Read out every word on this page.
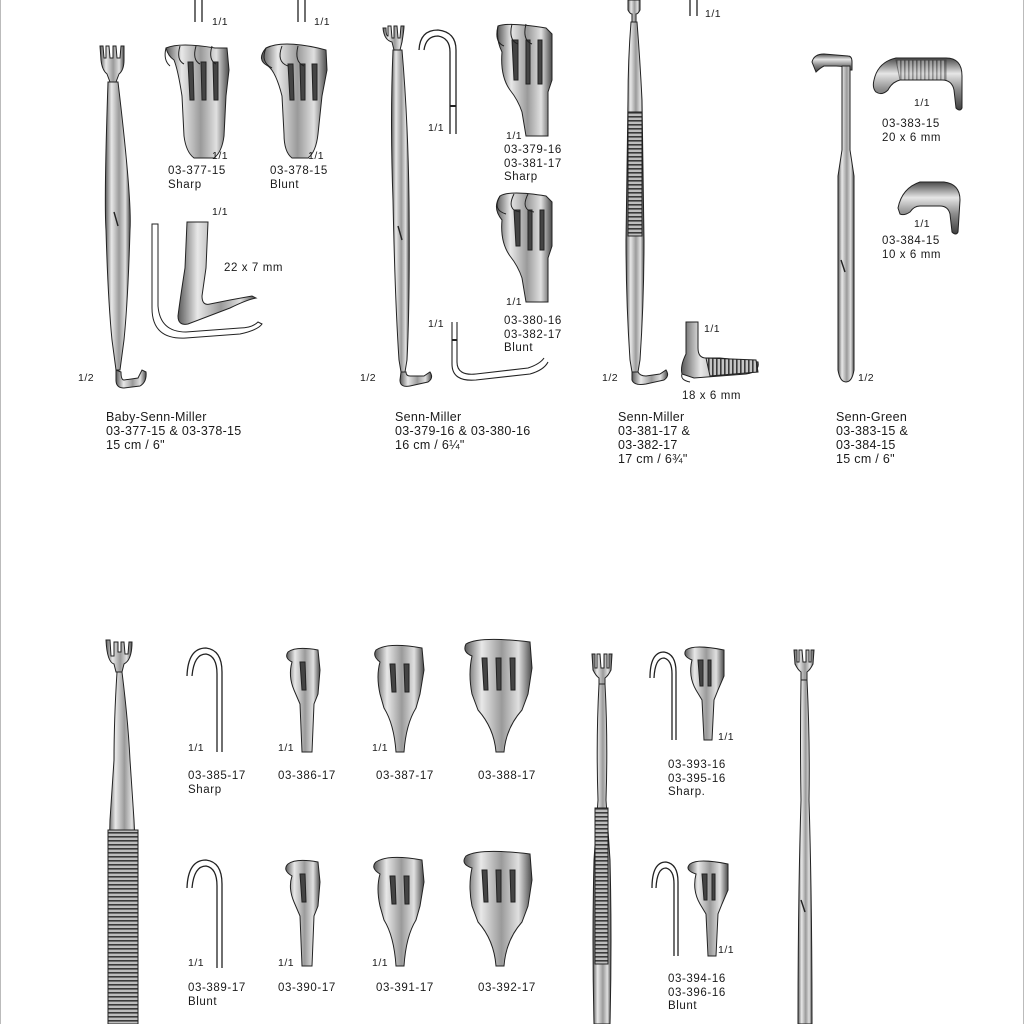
1/1	1/1
1/1
1/1
03-377-15
Sharp
1/1
03-378-15
Blunt
1/1
22 x 7 mm
1/2
Baby-Senn-Miller
03-377-15 & 03-378-15
15 cm / 6"
1/1
1/1
03-379-16
03-381-17
Sharp
1/1
03-380-16
03-382-17
Blunt
1/1
1/2
Senn-Miller
03-379-16 & 03-380-16
16 cm / 6¼"
1/1
18 x 6 mm
1/2
Senn-Miller
03-381-17 &
03-382-17
17 cm / 6¾"
1/1
03-383-15
20 x 6 mm
1/1
03-384-15
10 x 6 mm
1/2
Senn-Green
03-383-15 &
03-384-15
15 cm / 6"
1/1	1/1	1/1
03-385-17
Sharp
03-386-17	03-387-17	03-388-17
1/1	1/1	1/1
03-389-17
Blunt
03-390-17	03-391-17	03-392-17
1/1
03-393-16
03-395-16
Sharp.
1/1
03-394-16
03-396-16
Blunt
